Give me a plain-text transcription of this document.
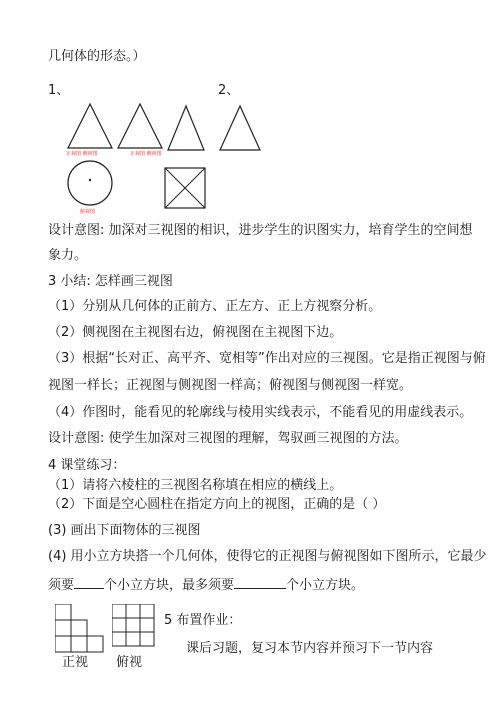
几何体的形态。）
1、	2、
正视图 侧视图
俯视图
正视图 侧视图
设计意图: 加深对三视图的相识，进步学生的识图实力，培育学生的空间想
象力。
3 小结: 怎样画三视图
（1）分别从几何体的正前方、正左方、正上方视察分析。
（2）侧视图在主视图右边，俯视图在主视图下边。
（3）根据“长对正、高平齐、宽相等”作出对应的三视图。它是指正视图与俯
视图一样长；正视图与侧视图一样高；俯视图与侧视图一样宽。
（4）作图时，能看见的轮廓线与棱用实线表示，不能看见的用虚线表示。
设计意图: 使学生加深对三视图的理解，驾驭画三视图的方法。
4 课堂练习：
（1）请将六棱柱的三视图名称填在相应的横线上。
（2）下面是空心圆柱在指定方向上的视图，正确的是（ ）
(3) 画出下面物体的三视图
(4) 用小立方块搭一个几何体，使得它的正视图与俯视图如下图所示，它最少
须要 个小立方块，最多须要	个小立方块。
正视 俯视
5 布置作业：
课后习题，复习本节内容并预习下一节内容
